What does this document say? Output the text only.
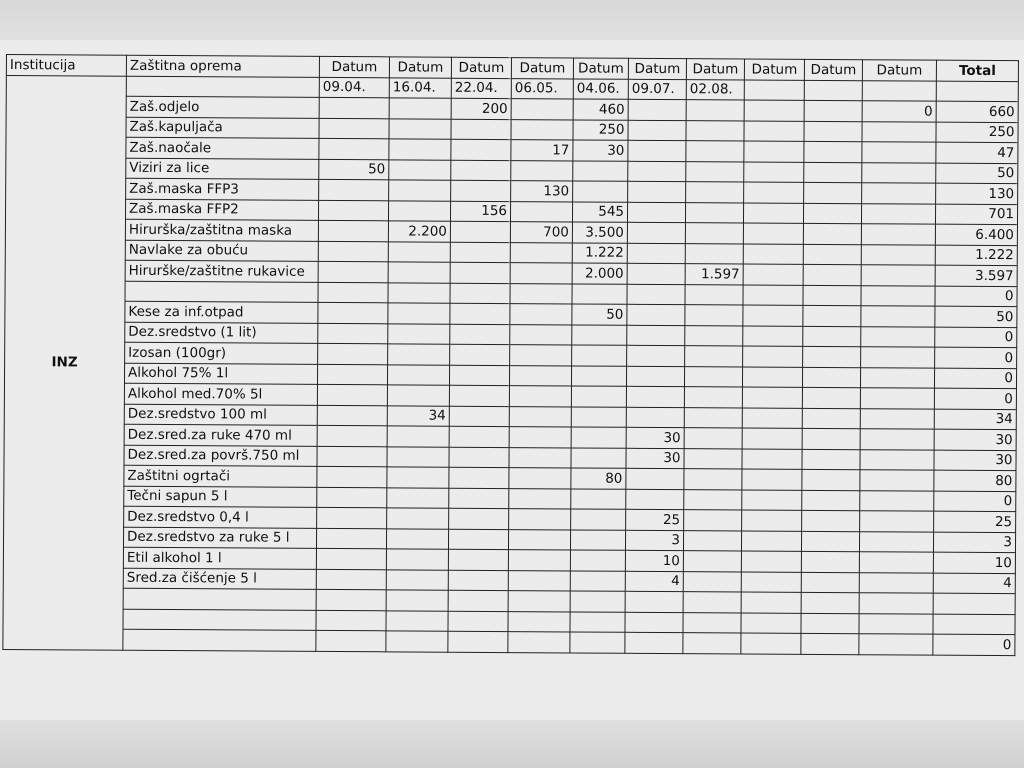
Institucija	Zaštitna oprema	Datum	Datum	Datum	Datum	Datum	Datum	Datum	Datum	Datum	Datum	Total
INZ		09.04.	16.04.	22.04.	06.05.	04.06.	09.07.	02.08.				
	Zaš.odjelo			200		460					0	660
	Zaš.kapuljača					250						250
	Zaš.naočale				17	30						47
	Viziri za lice	50										50
	Zaš.maska FFP3				130							130
	Zaš.maska FFP2			156		545						701
	Hirurška/zaštitna maska		2.200		700	3.500						6.400
	Navlake za obuću					1.222						1.222
	Hirurške/zaštitne rukavice					2.000		1.597				3.597
												0
	Kese za inf.otpad					50						50
	Dez.sredstvo (1 lit)											0
	Izosan (100gr)											0
	Alkohol 75% 1l											0
	Alkohol med.70% 5l											0
	Dez.sredstvo 100 ml		34									34
	Dez.sred.za ruke 470 ml						30					30
	Dez.sred.za površ.750 ml						30					30
	Zaštitni ogrtači					80						80
	Tečni sapun 5 l											0
	Dez.sredstvo 0,4 l						25					25
	Dez.sredstvo za ruke 5 l						3					3
	Etil alkohol 1 l						10					10
	Sred.za čišćenje 5 l						4					4

												0
